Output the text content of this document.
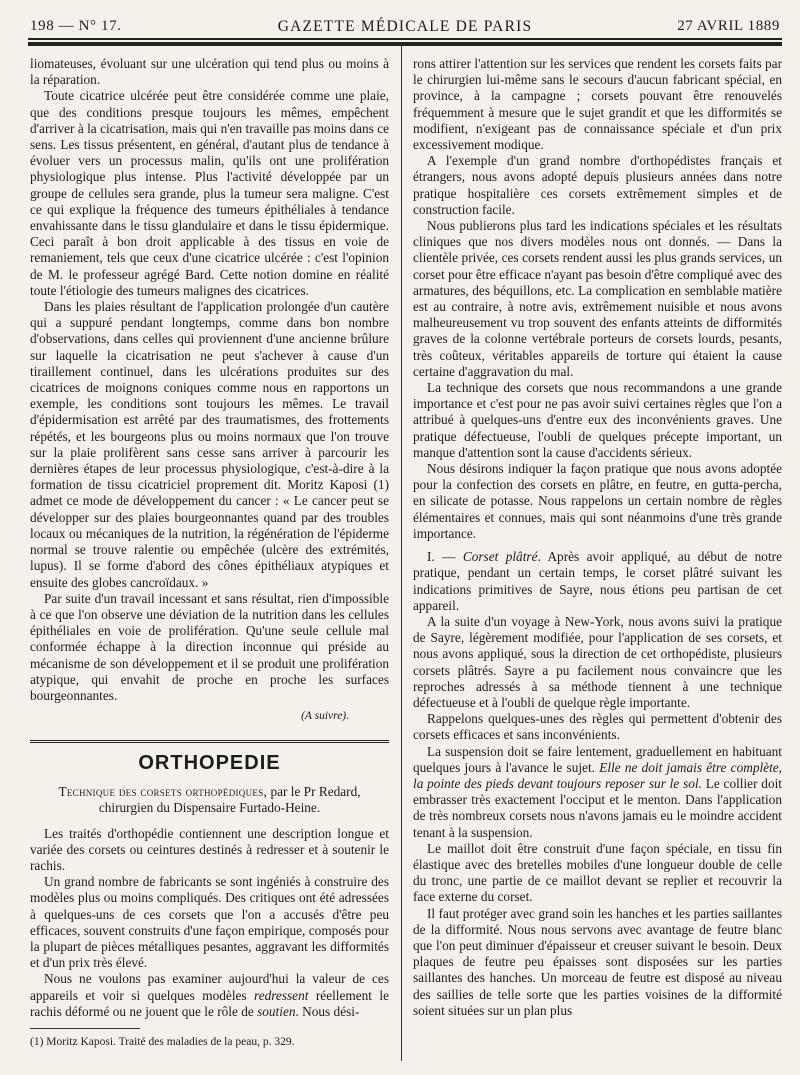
198 — N° 17.	GAZETTE MÉDICALE DE PARIS	27 AVRIL 1889

liomateuses, évoluant sur une ulcération qui tend plus ou moins à la réparation.

Toute cicatrice ulcérée peut être considérée comme une plaie, que des conditions presque toujours les mêmes, empêchent d'arriver à la cicatrisation, mais qui n'en travaille pas moins dans ce sens. Les tissus présentent, en général, d'autant plus de tendance à évoluer vers un processus malin, qu'ils ont une prolifération physiologique plus intense. Plus l'activité développée par un groupe de cellules sera grande, plus la tumeur sera maligne. C'est ce qui explique la fréquence des tumeurs épithéliales à tendance envahissante dans le tissu glandulaire et dans le tissu épidermique. Ceci paraît à bon droit applicable à des tissus en voie de remaniement, tels que ceux d'une cicatrice ulcérée : c'est l'opinion de M. le professeur agrégé Bard. Cette notion domine en réalité toute l'étiologie des tumeurs malignes des cicatrices.

Dans les plaies résultant de l'application prolongée d'un cautère qui a suppuré pendant longtemps, comme dans bon nombre d'observations, dans celles qui proviennent d'une ancienne brûlure sur laquelle la cicatrisation ne peut s'achever à cause d'un tiraillement continuel, dans les ulcérations produites sur des cicatrices de moignons coniques comme nous en rapportons un exemple, les conditions sont toujours les mêmes. Le travail d'épidermisation est arrêté par des traumatismes, des frottements répétés, et les bourgeons plus ou moins normaux que l'on trouve sur la plaie prolifèrent sans cesse sans arriver à parcourir les dernières étapes de leur processus physiologique, c'est-à-dire à la formation de tissu cicatriciel proprement dit. Moritz Kaposi (1) admet ce mode de développement du cancer : « Le cancer peut se développer sur des plaies bourgeonnantes quand par des troubles locaux ou mécaniques de la nutrition, la régénération de l'épiderme normal se trouve ralentie ou empêchée (ulcère des extrémités, lupus). Il se forme d'abord des cônes épithéliaux atypiques et ensuite des globes cancroïdaux. »

Par suite d'un travail incessant et sans résultat, rien d'impossible à ce que l'on observe une déviation de la nutrition dans les cellules épithéliales en voie de prolifération. Qu'une seule cellule mal conformée échappe à la direction inconnue qui préside au mécanisme de son développement et il se produit une prolifération atypique, qui envahit de proche en proche les surfaces bourgeonnantes.

(A suivre).
ORTHOPEDIE
Technique des corsets orthopédiques, par le Pr Redard,
chirurgien du Dispensaire Furtado-Heine.

Les traités d'orthopédie contiennent une description longue et variée des corsets ou ceintures destinés à redresser et à soutenir le rachis.

Un grand nombre de fabricants se sont ingéniés à construire des modèles plus ou moins compliqués. Des critiques ont été adressées à quelques-uns de ces corsets que l'on a accusés d'être peu efficaces, souvent construits d'une façon empirique, composés pour la plupart de pièces métalliques pesantes, aggravant les difformités et d'un prix très élevé.

Nous ne voulons pas examiner aujourd'hui la valeur de ces appareils et voir si quelques modèles redressent réellement le rachis déformé ou ne jouent que le rôle de soutien. Nous dési-

(1) Moritz Kaposi. Traité des maladies de la peau, p. 329.

rons attirer l'attention sur les services que rendent les corsets faits par le chirurgien lui-même sans le secours d'aucun fabricant spécial, en province, à la campagne ; corsets pouvant être renouvelés fréquemment à mesure que le sujet grandit et que les difformités se modifient, n'exigeant pas de connaissance spéciale et d'un prix excessivement modique.

A l'exemple d'un grand nombre d'orthopédistes français et étrangers, nous avons adopté depuis plusieurs années dans notre pratique hospitalière ces corsets extrêmement simples et de construction facile.

Nous publierons plus tard les indications spéciales et les résultats cliniques que nos divers modèles nous ont donnés. — Dans la clientèle privée, ces corsets rendent aussi les plus grands services, un corset pour être efficace n'ayant pas besoin d'être compliqué avec des armatures, des béquillons, etc. La complication en semblable matière est au contraire, à notre avis, extrêmement nuisible et nous avons malheureusement vu trop souvent des enfants atteints de difformités graves de la colonne vertébrale porteurs de corsets lourds, pesants, très coûteux, véritables appareils de torture qui étaient la cause certaine d'aggravation du mal.

La technique des corsets que nous recommandons a une grande importance et c'est pour ne pas avoir suivi certaines règles que l'on a attribué à quelques-uns d'entre eux des inconvénients graves. Une pratique défectueuse, l'oubli de quelques précepte important, un manque d'attention sont la cause d'accidents sérieux.

Nous désirons indiquer la façon pratique que nous avons adoptée pour la confection des corsets en plâtre, en feutre, en gutta-percha, en silicate de potasse. Nous rappelons un certain nombre de règles élémentaires et connues, mais qui sont néanmoins d'une très grande importance.

I. — Corset plâtré. Après avoir appliqué, au début de notre pratique, pendant un certain temps, le corset plâtré suivant les indications primitives de Sayre, nous étions peu partisan de cet appareil.

A la suite d'un voyage à New-York, nous avons suivi la pratique de Sayre, légèrement modifiée, pour l'application de ses corsets, et nous avons appliqué, sous la direction de cet orthopédiste, plusieurs corsets plâtrés. Sayre a pu facilement nous convaincre que les reproches adressés à sa méthode tiennent à une technique défectueuse et à l'oubli de quelque règle importante.

Rappelons quelques-unes des règles qui permettent d'obtenir des corsets efficaces et sans inconvénients.

La suspension doit se faire lentement, graduellement en habituant quelques jours à l'avance le sujet. Elle ne doit jamais être complète, la pointe des pieds devant toujours reposer sur le sol. Le collier doit embrasser très exactement l'occiput et le menton. Dans l'application de très nombreux corsets nous n'avons jamais eu le moindre accident tenant à la suspension.

Le maillot doit être construit d'une façon spéciale, en tissu fin élastique avec des bretelles mobiles d'une longueur double de celle du tronc, une partie de ce maillot devant se replier et recouvrir la face externe du corset.

Il faut protéger avec grand soin les hanches et les parties saillantes de la difformité. Nous nous servons avec avantage de feutre blanc que l'on peut diminuer d'épaisseur et creuser suivant le besoin. Deux plaques de feutre peu épaisses sont disposées sur les parties saillantes des hanches. Un morceau de feutre est disposé au niveau des saillies de telle sorte que les parties voisines de la difformité soient situées sur un plan plus
